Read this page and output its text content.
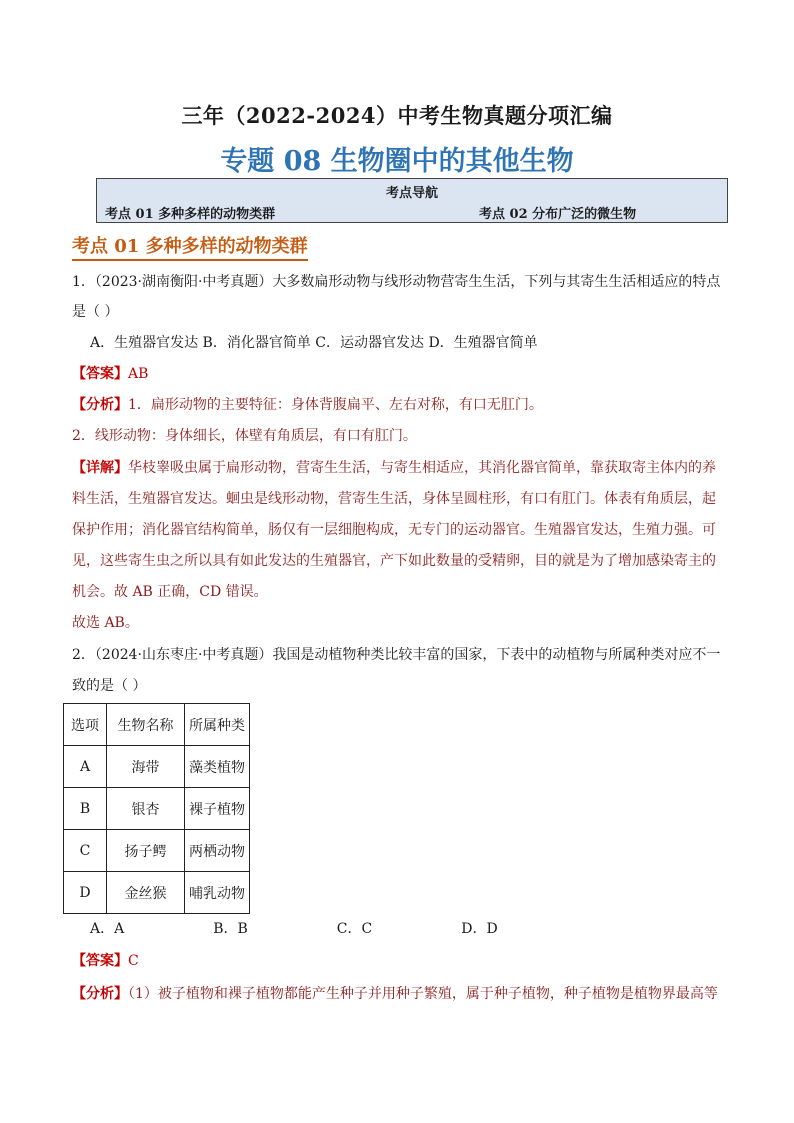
三年（2022-2024）中考生物真题分项汇编
专题 08 生物圈中的其他生物
考点导航
考点 01 多种多样的动物类群	考点 02 分布广泛的微生物
考点 01 多种多样的动物类群
1．（2023·湖南衡阳·中考真题）大多数扁形动物与线形动物营寄生生活，下列与其寄生生活相适应的特点
是（ ）
A．生殖器官发达 B．消化器官简单 C．运动器官发达 D．生殖器官简单
【答案】AB
【分析】1．扁形动物的主要特征：身体背腹扁平、左右对称，有口无肛门。
2．线形动物：身体细长，体壁有角质层，有口有肛门。
【详解】华枝睾吸虫属于扁形动物，营寄生生活，与寄生相适应，其消化器官简单，靠获取寄主体内的养
料生活，生殖器官发达。蛔虫是线形动物，营寄生生活，身体呈圆柱形，有口有肛门。体表有角质层，起
保护作用；消化器官结构简单，肠仅有一层细胞构成，无专门的运动器官。生殖器官发达，生殖力强。可
见，这些寄生虫之所以具有如此发达的生殖器官，产下如此数量的受精卵，目的就是为了增加感染寄主的
机会。故 AB 正确，CD 错误。
故选 AB。
2．（2024·山东枣庄·中考真题）我国是动植物种类比较丰富的国家，下表中的动植物与所属种类对应不一
致的是（ ）
选项	生物名称	所属种类
A	海带	藻类植物
B	银杏	裸子植物
C	扬子鳄	两栖动物
D	金丝猴	哺乳动物
A．A                    B．B                    C．C                    D．D
【答案】C
【分析】（1）被子植物和裸子植物都能产生种子并用种子繁殖，属于种子植物，种子植物是植物界最高等
